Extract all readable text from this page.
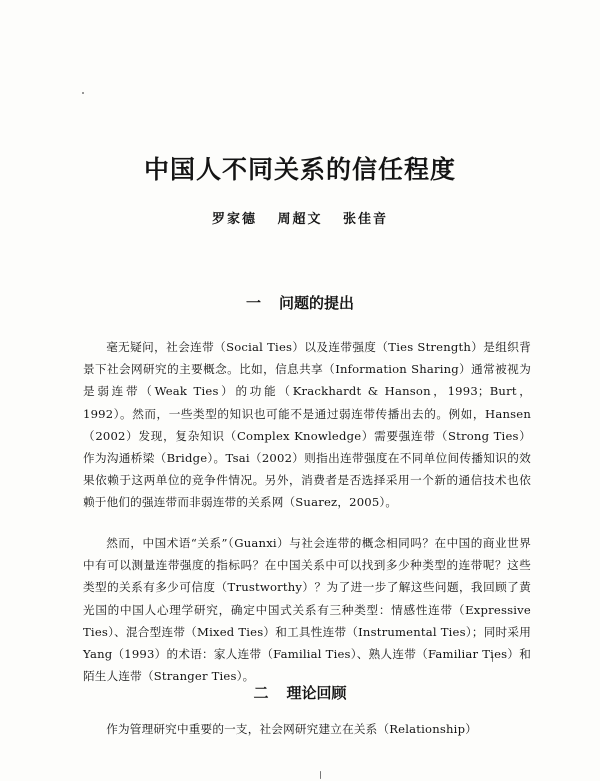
中国人不同关系的信任程度
罗家德 周超文 张佳音
一 问题的提出

毫无疑问，社会连带（Social Ties）以及连带强度（Ties Strength）是组织背景下社会网研究的主要概念。比如，信息共享（Information Sharing）通常被视为是弱连带（Weak Ties）的功能（Krackhardt & Hanson，1993；Burt，1992）。然而，一些类型的知识也可能不是通过弱连带传播出去的。例如，Hansen（2002）发现，复杂知识（Complex Knowledge）需要强连带（Strong Ties）作为沟通桥梁（Bridge）。Tsai（2002）则指出连带强度在不同单位间传播知识的效果依赖于这两单位的竞争件情况。另外，消费者是否选择采用一个新的通信技术也依赖于他们的强连带而非弱连带的关系网（Suarez，2005）。

然而，中国术语“关系”（Guanxi）与社会连带的概念相同吗？在中国的商业世界中有可以测量连带强度的指标吗？在中国关系中可以找到多少种类型的连带呢？这些类型的关系有多少可信度（Trustworthy）？为了进一步了解这些问题，我回顾了黄光国的中国人心理学研究，确定中国式关系有三种类型：情感性连带（Expressive Ties）、混合型连带（Mixed Ties）和工具性连带（Instrumental Ties）；同时采用 Yang（1993）的术语：家人连带（Familial Ties）、熟人连带（Familiar Ties）和陌生人连带（Stranger Ties）。

二 理论回顾

作为管理研究中重要的一支，社会网研究建立在关系（Relationship）
